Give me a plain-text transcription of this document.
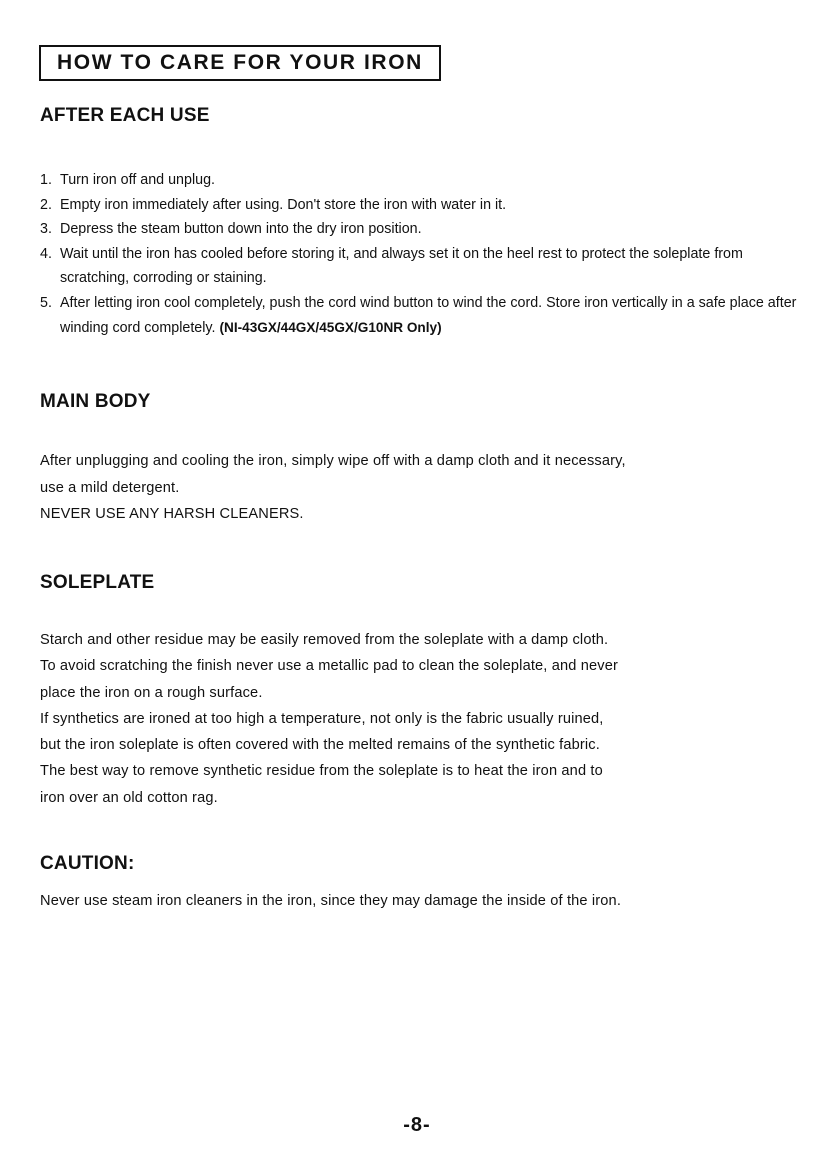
HOW TO CARE FOR YOUR IRON
AFTER EACH USE
1. Turn iron off and unplug.
2. Empty iron immediately after using. Don't store the iron with water in it.
3. Depress the steam button down into the dry iron position.
4. Wait until the iron has cooled before storing it, and always set it on the heel rest to protect the soleplate from scratching, corroding or staining.
5. After letting iron cool completely, push the cord wind button to wind the cord. Store iron vertically in a safe place after winding cord completely. (NI-43GX/44GX/45GX/G10NR Only)
MAIN BODY

After unplugging and cooling the iron, simply wipe off with a damp cloth and it necessary,

use a mild detergent.

NEVER USE ANY HARSH CLEANERS.

SOLEPLATE

Starch and other residue may be easily removed from the soleplate with a damp cloth.

To avoid scratching the finish never use a metallic pad to clean the soleplate, and never

place the iron on a rough surface.

If synthetics are ironed at too high a temperature, not only is the fabric usually ruined,

but the iron soleplate is often covered with the melted remains of the synthetic fabric.

The best way to remove synthetic residue from the soleplate is to heat the iron and to

iron over an old cotton rag.

CAUTION:

Never use steam iron cleaners in the iron, since they may damage the inside of the iron.

-8-
